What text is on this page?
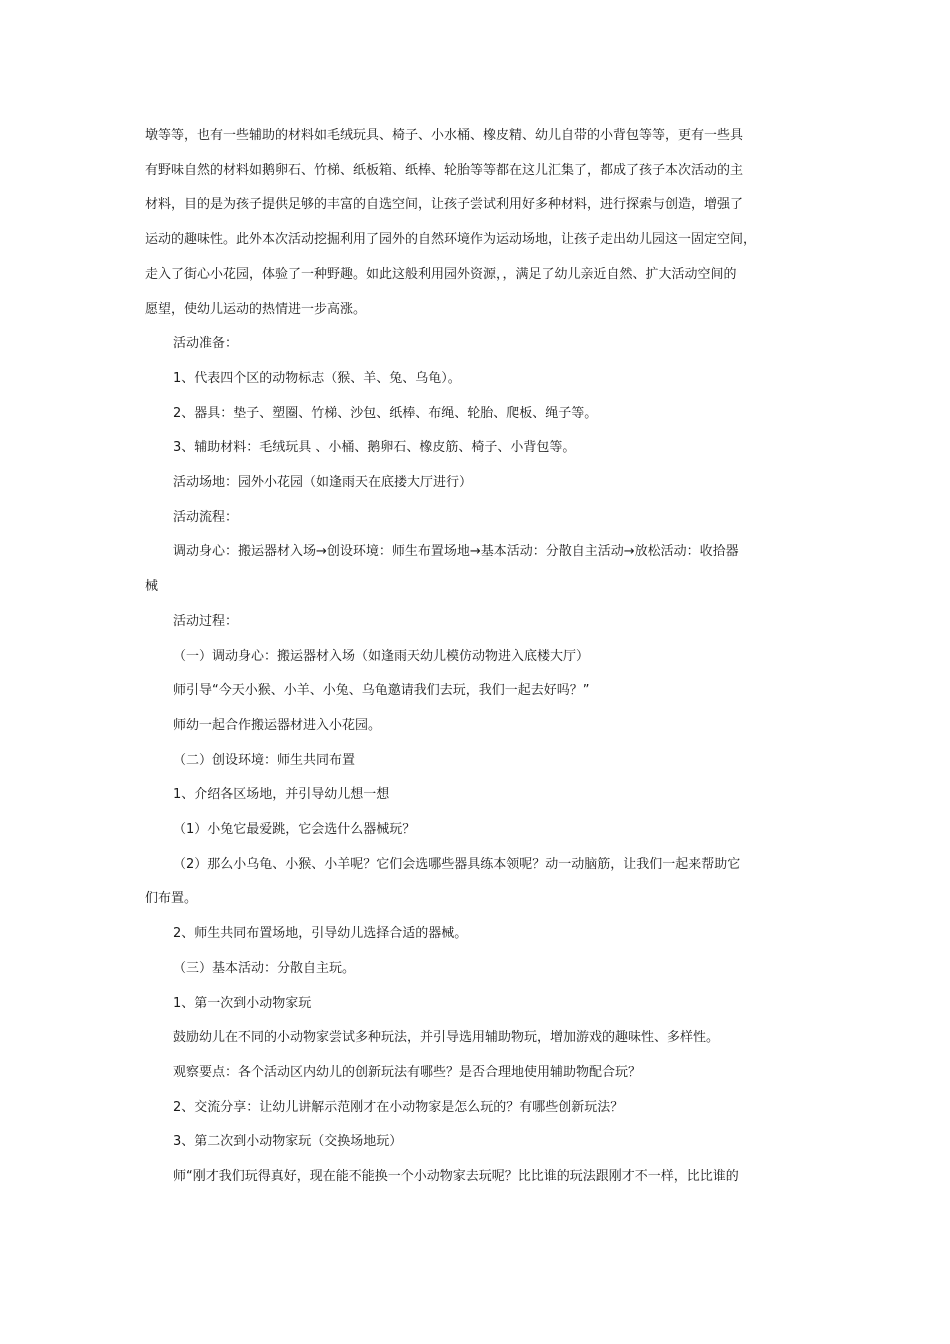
墩等等，也有一些辅助的材料如毛绒玩具、椅子、小水桶、橡皮精、幼儿自带的小背包等等，更有一些具

有野味自然的材料如鹅卵石、竹梯、纸板箱、纸棒、轮胎等等都在这儿汇集了，都成了孩子本次活动的主

材料，目的是为孩子提供足够的丰富的自选空间，让孩子尝试利用好多种材料，进行探索与创造，增强了

运动的趣味性。此外本次活动挖掘利用了园外的自然环境作为运动场地，让孩子走出幼儿园这一固定空间，

走入了街心小花园，体验了一种野趣。如此这般利用园外资源，，满足了幼儿亲近自然、扩大活动空间的

愿望，使幼儿运动的热情进一步高涨。

活动准备：

1、代表四个区的动物标志（猴、羊、兔、乌龟）。

2、器具：垫子、塑圈、竹梯、沙包、纸棒、布绳、轮胎、爬板、绳子等。

3、辅助材料：毛绒玩具 、小桶、鹅卵石、橡皮筋、椅子、小背包等。

活动场地：园外小花园（如逢雨天在底搂大厅进行）

活动流程：

调动身心：搬运器材入场→创设环境：师生布置场地→基本活动：分散自主活动→放松活动：收拾器

械

活动过程：

（一）调动身心：搬运器材入场（如逢雨天幼儿模仿动物进入底楼大厅）

师引导“今天小猴、小羊、小兔、乌龟邀请我们去玩，我们一起去好吗？”

师幼一起合作搬运器材进入小花园。

（二）创设环境：师生共同布置

1、介绍各区场地，并引导幼儿想一想

（1）小兔它最爱跳，它会选什么器械玩？

（2）那么小乌龟、小猴、小羊呢？它们会选哪些器具练本领呢？动一动脑筋，让我们一起来帮助它

们布置。

2、师生共同布置场地，引导幼儿选择合适的器械。

（三）基本活动：分散自主玩。

1、第一次到小动物家玩

鼓励幼儿在不同的小动物家尝试多种玩法，并引导选用辅助物玩，增加游戏的趣味性、多样性。

观察要点：各个活动区内幼儿的创新玩法有哪些？是否合理地使用辅助物配合玩？

2、交流分享：让幼儿讲解示范刚才在小动物家是怎么玩的？有哪些创新玩法？

3、第二次到小动物家玩（交换场地玩）

师“刚才我们玩得真好，现在能不能换一个小动物家去玩呢？比比谁的玩法跟刚才不一样，比比谁的
